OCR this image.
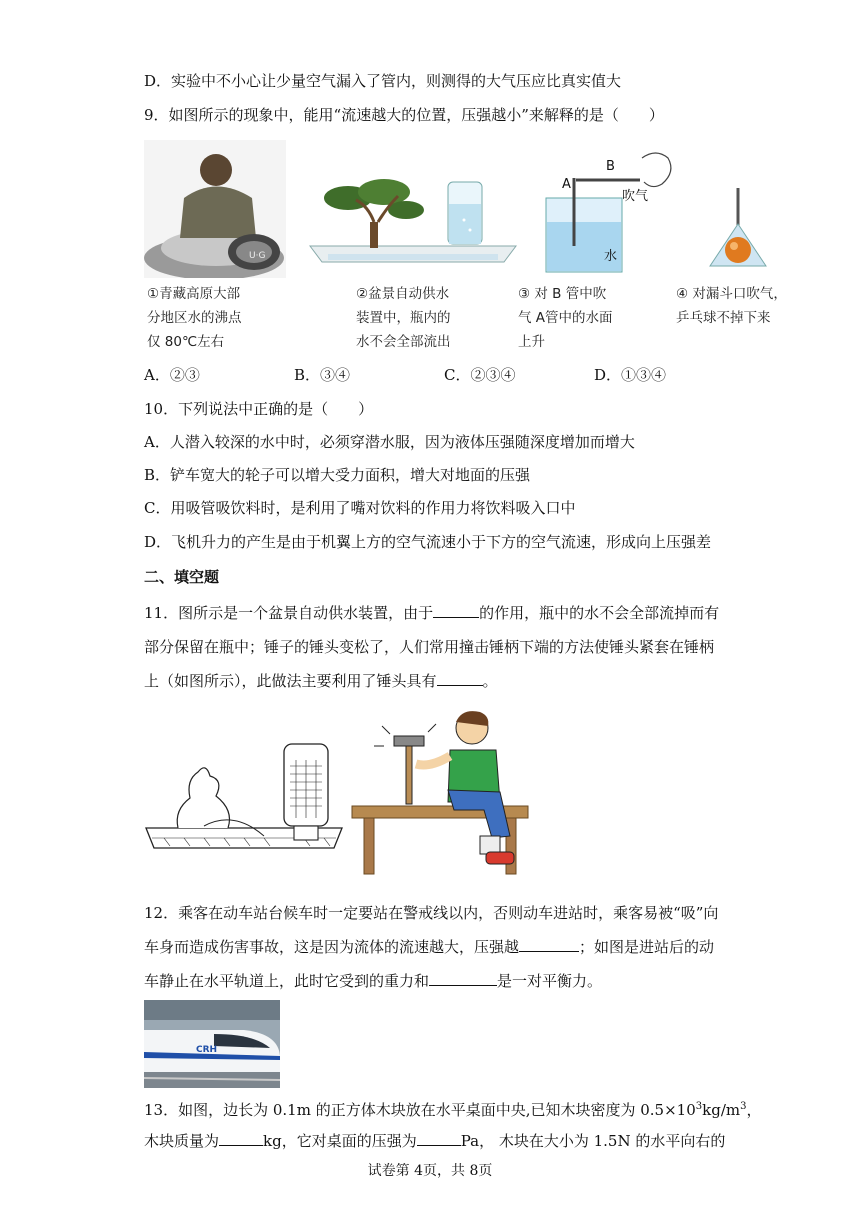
D．实验中不小心让少量空气漏入了管内，则测得的大气压应比真实值大
9．如图所示的现象中，能用“流速越大的位置，压强越小”来解释的是（　　）
U·G
A
B
吹气
水
①青藏高原大部
分地区水的沸点
仅 80℃左右
②盆景自动供水
装置中，瓶内的
水不会全部流出
③ 对 B 管中吹
气 A管中的水面
上升
④ 对漏斗口吹气，
乒乓球不掉下来
A．②③	B．③④	C．②③④	D．①③④
10．下列说法中正确的是（　　）
A．人潜入较深的水中时，必须穿潜水服，因为液体压强随深度增加而增大
B．铲车宽大的轮子可以增大受力面积，增大对地面的压强
C．用吸管吸饮料时，是利用了嘴对饮料的作用力将饮料吸入口中
D．飞机升力的产生是由于机翼上方的空气流速小于下方的空气流速，形成向上压强差
二、填空题
11．图所示是一个盆景自动供水装置，由于	的作用，瓶中的水不会全部流掉而有
部分保留在瓶中；锤子的锤头变松了，人们常用撞击锤柄下端的方法使锤头紧套在锤柄
上（如图所示），此做法主要利用了锤头具有	。
12．乘客在动车站台候车时一定要站在警戒线以内，否则动车进站时，乘客易被“吸”向
车身而造成伤害事故，这是因为流体的流速越大，压强越	；如图是进站后的动
车静止在水平轨道上，此时它受到的重力和	是一对平衡力。
CRH
13．如图，边长为 0.1m 的正方体木块放在水平桌面中央,已知木块密度为 $0.5\times 10^3kg/m^3$，
木块质量为	kg，它对桌面的压强为	Pa， 木块在大小为 1.5N 的水平向右的
试卷第 4页，共 8页
